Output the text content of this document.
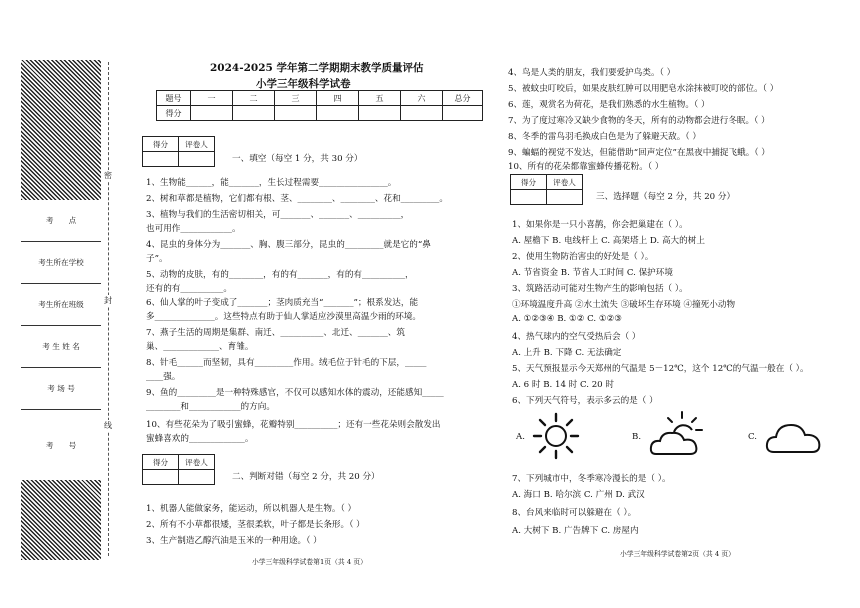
考　　点
考生所在学校
考生所在班级
考 生 姓 名
考 场 号
考　　号
密
封
线
2024-2025 学年第二学期期末教学质量评估
小学三年级科学试卷
题号	一	二	三	四	五	六	总分
得分							
得分	评卷人

一、填空（每空 1 分，共 30 分）
1、生物能______，能_______，生长过程需要________________。
2、树和草都是植物，它们都有根、茎、________、________、花和_________。
3、植物与我们的生活密切相关，可_______、_______、__________，
也可用作____________。
4、昆虫的身体分为_______、胸、腹三部分，昆虫的_________就是它的“鼻
子”。
5、动物的皮肤，有的________，有的有_______，有的有__________，
还有的有__________。
6、仙人掌的叶子变成了_______；茎肉质充当“_______”；根系发达，能
多______________。这些特点有助于仙人掌适应沙漠里高温少雨的环境。
7、燕子生活的周期是集群、南迁、__________、北迁、_______、筑
巢、_____________、育雏。
8、针毛______而坚韧，具有_________作用。绒毛位于针毛的下层，_____
____强。
9、鱼的_________是一种特殊感官，不仅可以感知水体的震动，还能感知_____
________和____________的方向。
10、有些花朵为了吸引蜜蜂，花瓣特别__________；还有一些花朵则会散发出
蜜蜂喜欢的_____________。
得分	评卷人

二、判断对错（每空 2 分，共 20 分）
1、机器人能做家务，能运动，所以机器人是生物。（ ）
2、所有不小草都很矮，茎很柔软，叶子都是长条形。（ ）
3、生产制造乙醇汽油是玉米的一种用途。（ ）
小学三年级科学试卷第1页（共 4 页）
4、鸟是人类的朋友，我们要爱护鸟类。（ ）
5、被蚊虫叮咬后，如果皮肤红肿可以用肥皂水涂抹被叮咬的部位。（ ）
6、莲，观赏名为荷花，是我们熟悉的水生植物。（ ）
7、为了度过寒冷又缺少食物的冬天，所有的动物都会进行冬眠。（ ）
8、冬季的雷鸟羽毛换成白色是为了躲避天敌。（ ）
9、蝙蝠的视觉不发达，但能借助“回声定位”在黑夜中捕捉飞蛾。（ ）
10、所有的花朵都靠蜜蜂传播花粉。（ ）
得分	评卷人

三、选择题（每空 2 分，共 20 分）
1、如果你是一只小喜鹊，你会把巢建在（ ）。
A. 屋檐下 B. 电线杆上 C. 高架塔上 D. 高大的树上
2、使用生物防治害虫的好处是（ ）。
A. 节省资金 B. 节省人工时间 C. 保护环境
3、筑路活动可能对生物产生的影响包括（ ）。
①环境温度升高 ②水土流失 ③破坏生存环境 ④撞死小动物
A. ①②③④ B. ①② C. ①②③
4、热气球内的空气受热后会（ ）
A. 上升 B. 下降 C. 无法确定
5、天气预报显示今天郑州的气温是 5－12℃，这个 12℃的气温一般在（ ）。
A. 6 时 B. 14 时 C. 20 时
6、下列天气符号，表示多云的是（ ）
A.	B.	C.
7、下列城市中，冬季寒冷漫长的是（ ）。
A. 海口 B. 哈尔滨 C. 广州 D. 武汉
8、台风来临时可以躲避在（ ）。
A. 大树下 B. 广告牌下 C. 房屋内
小学三年级科学试卷第2页（共 4 页）
